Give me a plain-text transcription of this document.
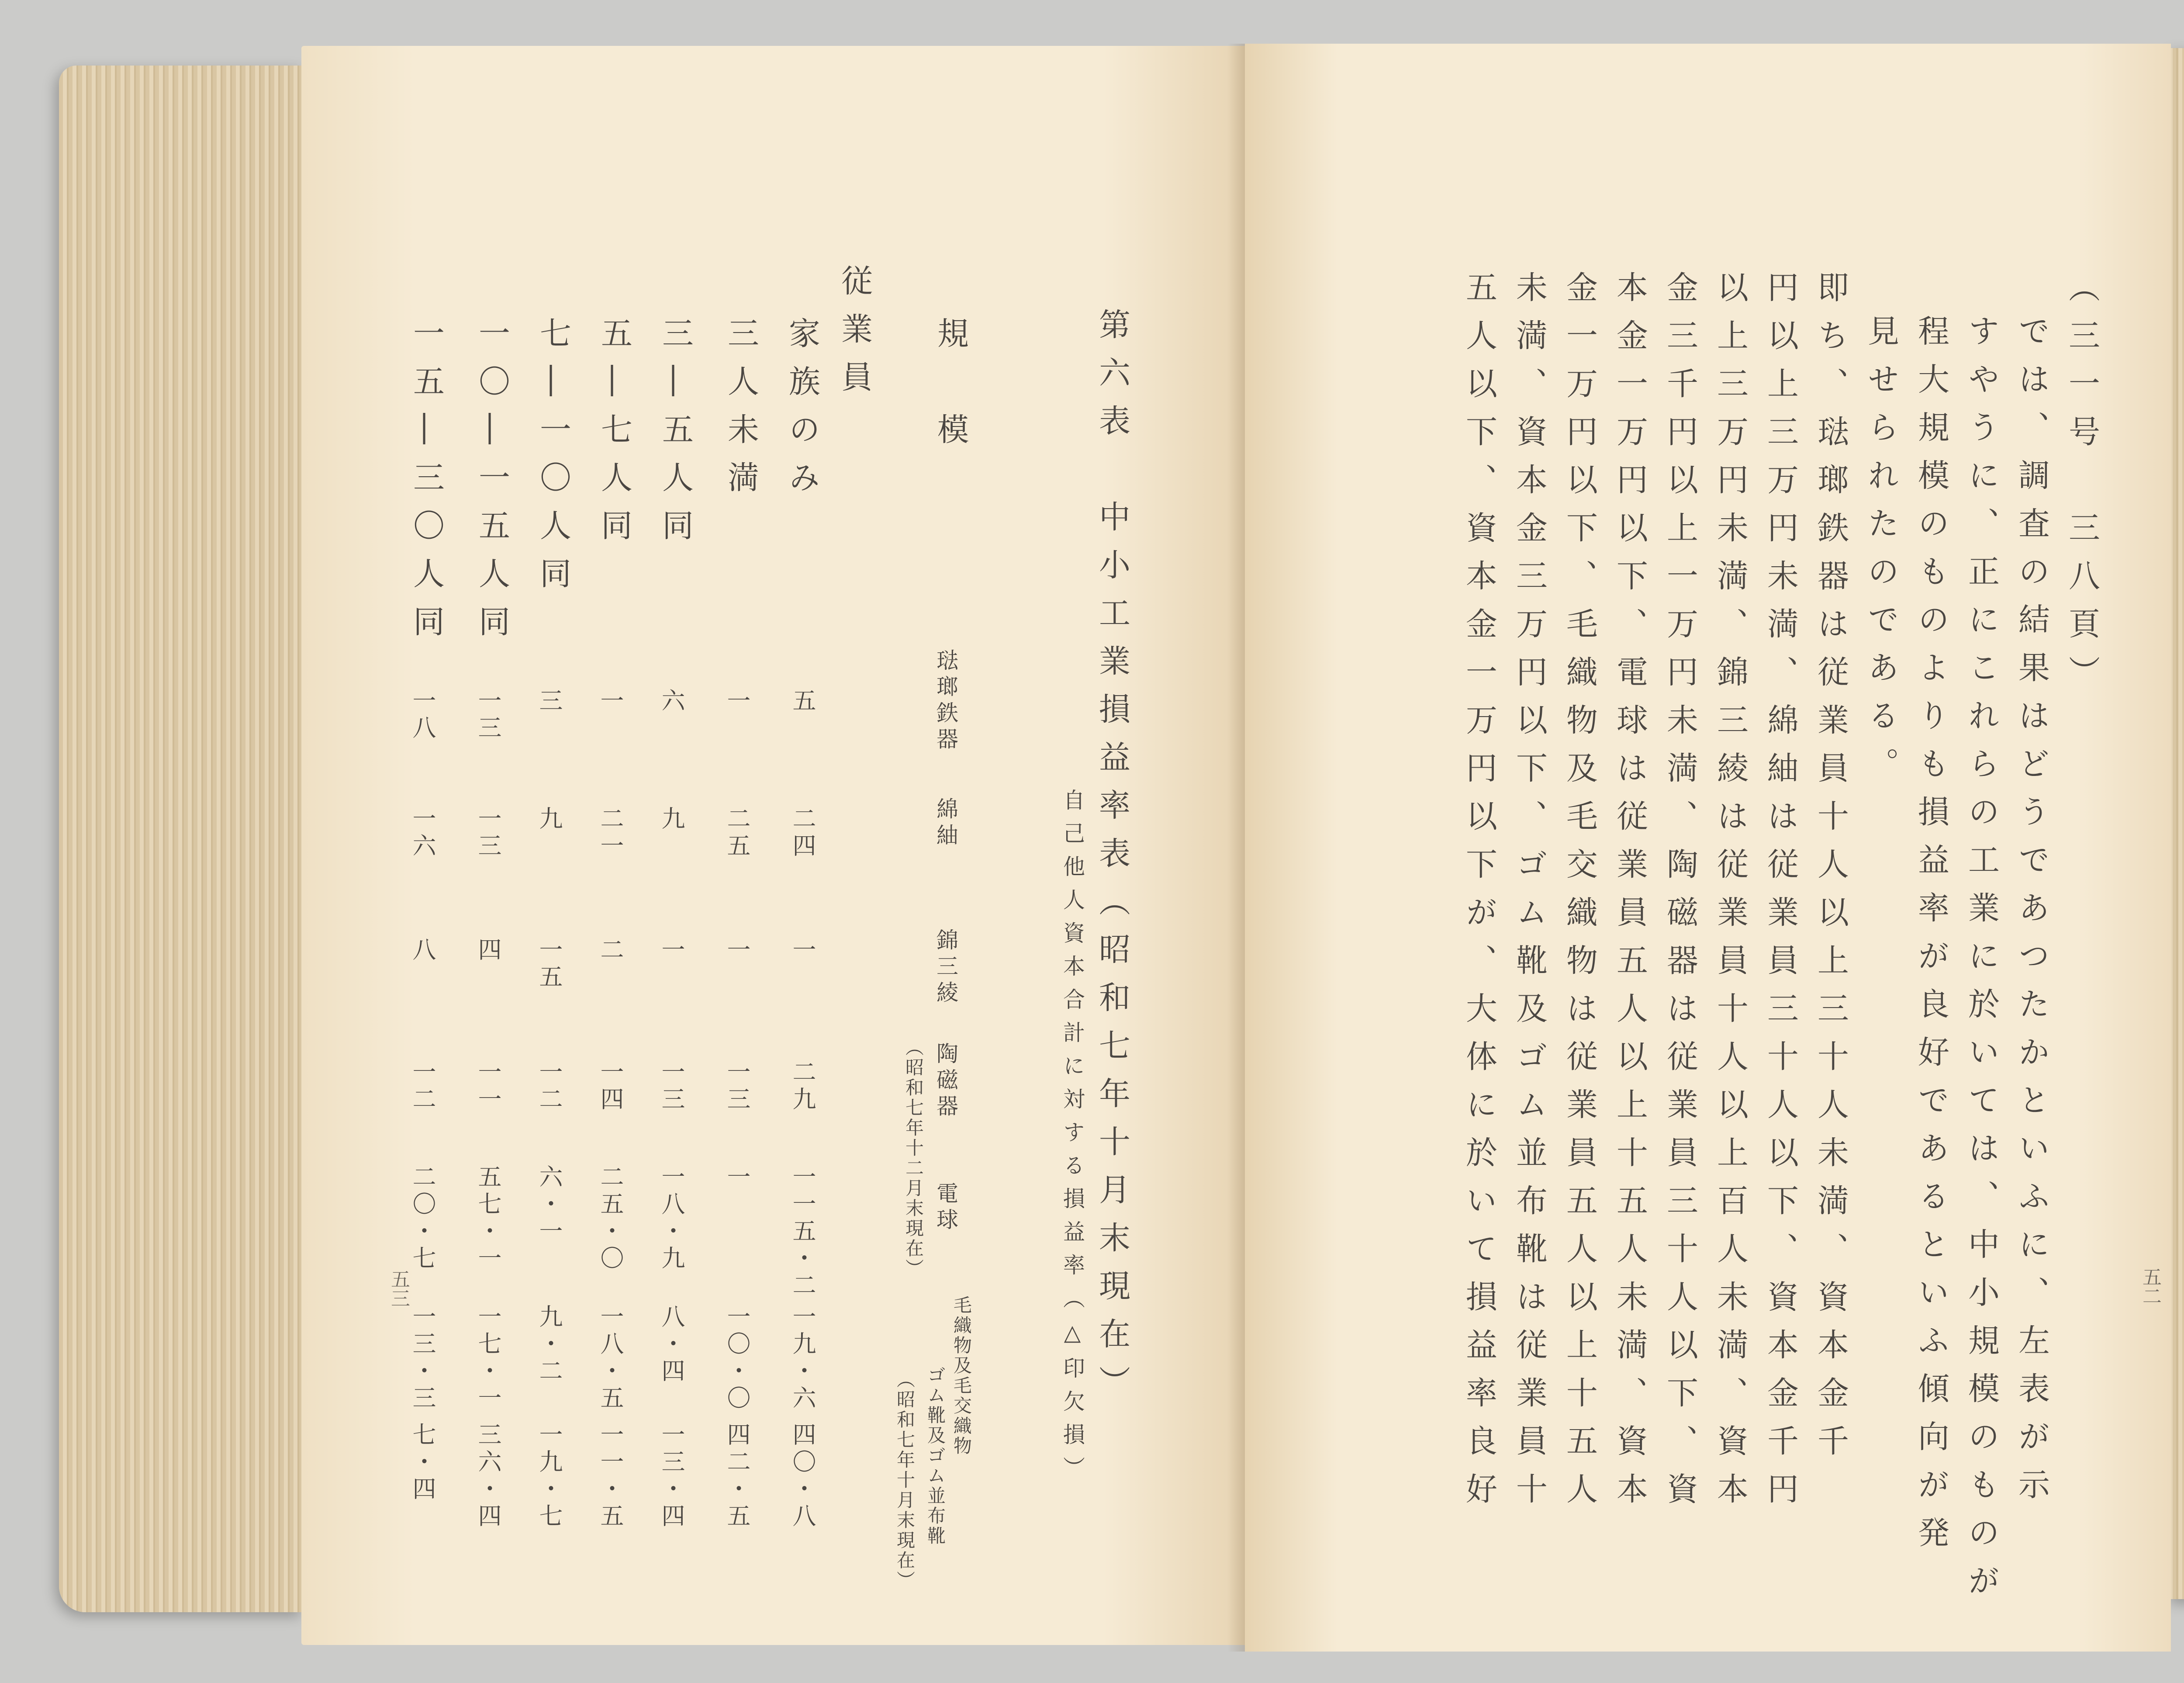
第六表　中小工業損益率表（昭和七年十月末現在）
自己他人資本合計に対する損益率（△印欠損）
琺瑯鉄器
綿紬
錦三綾
陶磁器
電球
毛織物及毛交織物
ゴム靴及ゴム並布靴
（昭和七年十二月末現在）
（昭和七年十月末現在）
規　模
従業員
家族のみ
三人未満
三―五人同
五―七人同
七―一〇人同
一〇―一五人同
一五―三〇人同
五
二四
一
二九
一一五・二
一九・六
四〇・八
一
二五
一
一三
一
一〇・〇
四二・五
六
九
一
一三
一八・九
八・四
一三・四
一
二一
二
一四
二五・〇
一八・五
一一・五
三
九
一五
一二
六・一
九・二
一九・七
一三
一三
四
一一
五七・一
一七・一
三六・四
一八
一六
八
一二
二〇・七
一三・三
七・四
五三
（三一号　三八頁）
では、調査の結果はどうであつたかといふに、左表が示
すやうに、正にこれらの工業に於いては、中小規模のものが
程大規模のものよりも損益率が良好であるといふ傾向が発
見せられたのである。
即ち、琺瑯鉄器は従業員十人以上三十人未満、資本金千
円以上三万円未満、綿紬は従業員三十人以下、資本金千円
以上三万円未満、錦三綾は従業員十人以上百人未満、資本
金三千円以上一万円未満、陶磁器は従業員三十人以下、資
本金一万円以下、電球は従業員五人以上十五人未満、資本
金一万円以下、毛織物及毛交織物は従業員五人以上十五人
未満、資本金三万円以下、ゴム靴及ゴム並布靴は従業員十
五人以下、資本金一万円以下が、大体に於いて損益率良好	五二
